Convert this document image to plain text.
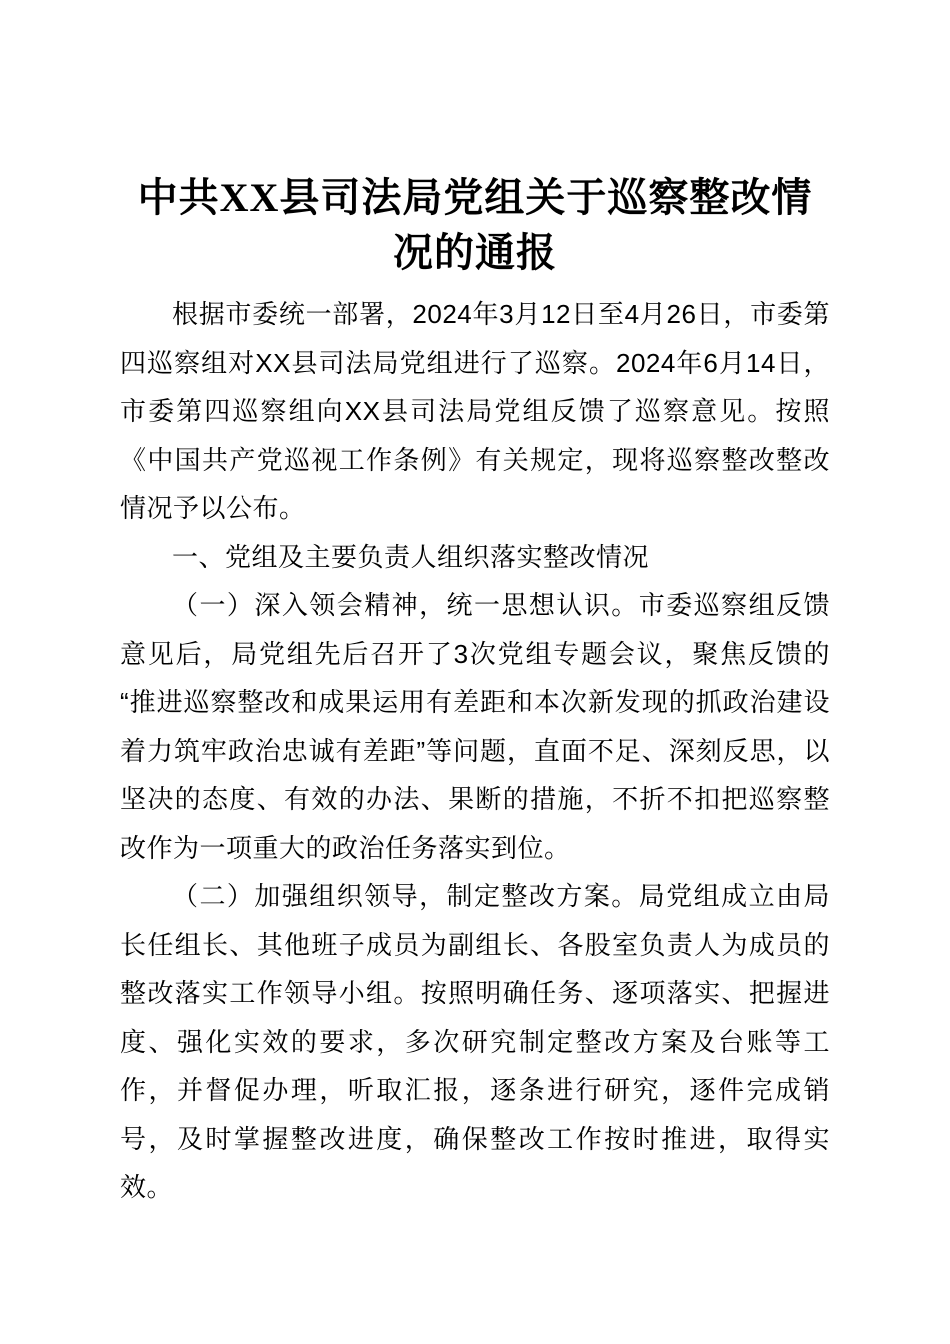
中共XX县司法局党组关于巡察整改情况的通报

根据市委统一部署，2024年3月12日至4月26日，市委第四巡察组对XX县司法局党组进行了巡察。2024年6月14日，市委第四巡察组向XX县司法局党组反馈了巡察意见。按照《中国共产党巡视工作条例》有关规定，现将巡察整改整改情况予以公布。

一、党组及主要负责人组织落实整改情况

（一）深入领会精神，统一思想认识。市委巡察组反馈意见后，局党组先后召开了3次党组专题会议，聚焦反馈的“推进巡察整改和成果运用有差距和本次新发现的抓政治建设着力筑牢政治忠诚有差距”等问题，直面不足、深刻反思，以坚决的态度、有效的办法、果断的措施，不折不扣把巡察整改作为一项重大的政治任务落实到位。

（二）加强组织领导，制定整改方案。局党组成立由局长任组长、其他班子成员为副组长、各股室负责人为成员的整改落实工作领导小组。按照明确任务、逐项落实、把握进度、强化实效的要求，多次研究制定整改方案及台账等工作，并督促办理，听取汇报，逐条进行研究，逐件完成销号，及时掌握整改进度，确保整改工作按时推进，取得实效。
